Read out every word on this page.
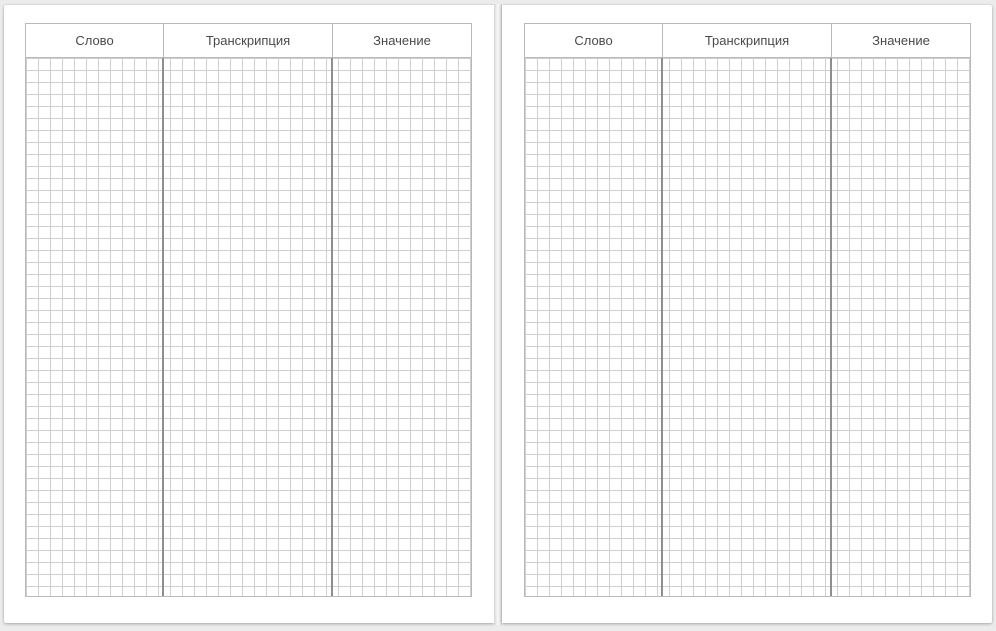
Слово	Транскрипция	Значение	Слово	Транскрипция	Значение
